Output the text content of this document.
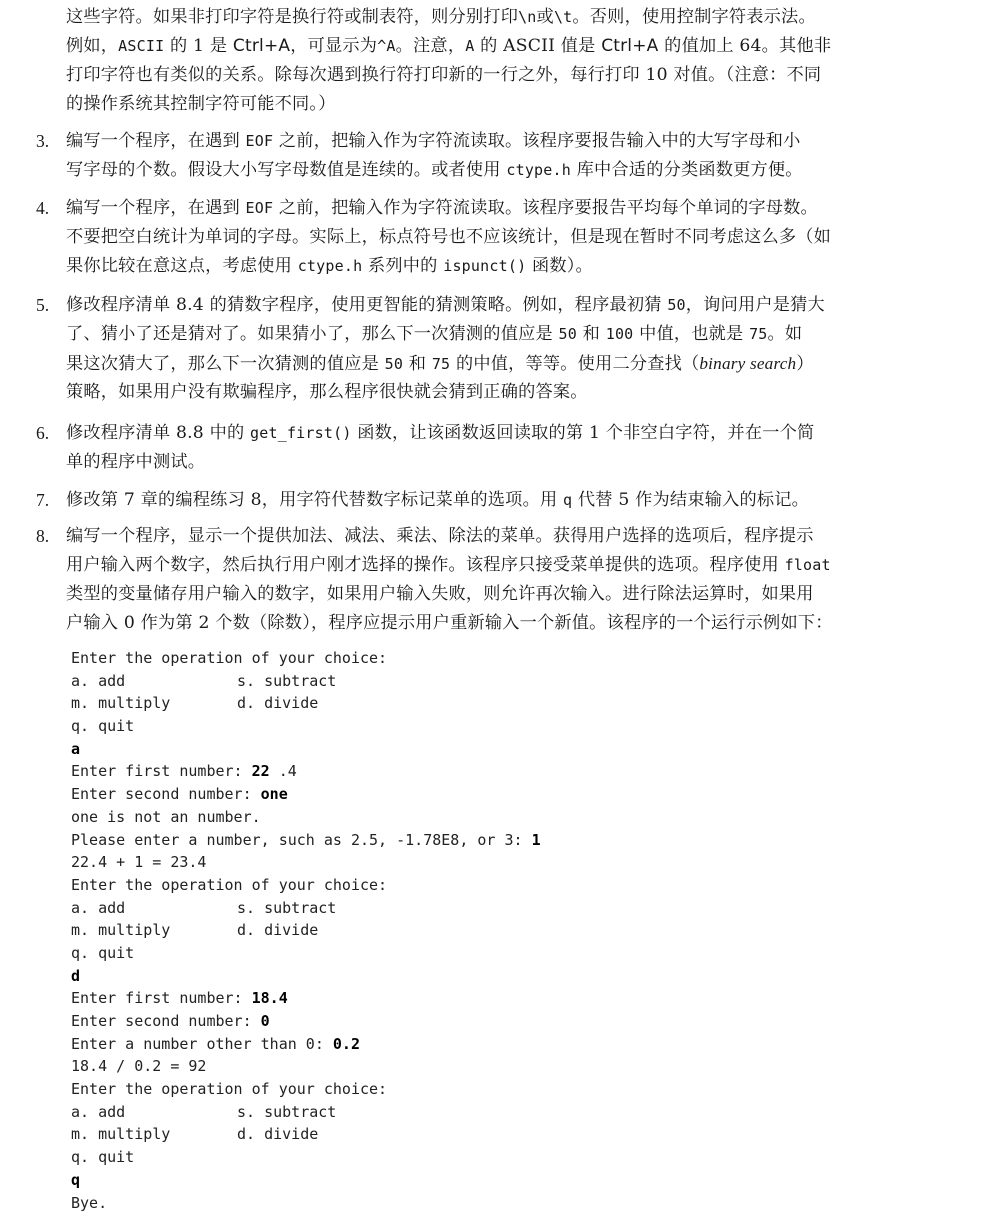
这些字符。如果非打印字符是换行符或制表符，则分别打印\n或\t。否则，使用控制字符表示法。
例如，ASCII 的 1 是 Ctrl+A，可显示为^A。注意，A 的 ASCII 值是 Ctrl+A 的值加上 64。其他非
打印字符也有类似的关系。除每次遇到换行符打印新的一行之外，每行打印 10 对值。（注意：不同
的操作系统其控制字符可能不同。）
3. 编写一个程序，在遇到 EOF 之前，把输入作为字符流读取。该程序要报告输入中的大写字母和小
写字母的个数。假设大小写字母数值是连续的。或者使用 ctype.h 库中合适的分类函数更方便。
4. 编写一个程序，在遇到 EOF 之前，把输入作为字符流读取。该程序要报告平均每个单词的字母数。
不要把空白统计为单词的字母。实际上，标点符号也不应该统计，但是现在暂时不同考虑这么多（如
果你比较在意这点，考虑使用 ctype.h 系列中的 ispunct() 函数）。
5. 修改程序清单 8.4 的猜数字程序，使用更智能的猜测策略。例如，程序最初猜 50，询问用户是猜大
了、猜小了还是猜对了。如果猜小了，那么下一次猜测的值应是 50 和 100 中值，也就是 75。如
果这次猜大了，那么下一次猜测的值应是 50 和 75 的中值，等等。使用二分查找（binary search）
策略，如果用户没有欺骗程序，那么程序很快就会猜到正确的答案。
6. 修改程序清单 8.8 中的 get_first() 函数，让该函数返回读取的第 1 个非空白字符，并在一个简
单的程序中测试。
7. 修改第 7 章的编程练习 8，用字符代替数字标记菜单的选项。用 q 代替 5 作为结束输入的标记。
8. 编写一个程序，显示一个提供加法、减法、乘法、除法的菜单。获得用户选择的选项后，程序提示
用户输入两个数字，然后执行用户刚才选择的操作。该程序只接受菜单提供的选项。程序使用 float
类型的变量储存用户输入的数字，如果用户输入失败，则允许再次输入。进行除法运算时，如果用
户输入 0 作为第 2 个数（除数），程序应提示用户重新输入一个新值。该程序的一个运行示例如下：
Enter the operation of your choice:
a. add	s. subtract
m. multiply	d. divide
q. quit
a
Enter first number: 22 .4
Enter second number: one
one is not an number.
Please enter a number, such as 2.5, -1.78E8, or 3: 1
22.4 + 1 = 23.4
Enter the operation of your choice:
a. add	s. subtract
m. multiply	d. divide
q. quit
d
Enter first number: 18.4
Enter second number: 0
Enter a number other than 0: 0.2
18.4 / 0.2 = 92
Enter the operation of your choice:
a. add	s. subtract
m. multiply	d. divide
q. quit
q
Bye.
